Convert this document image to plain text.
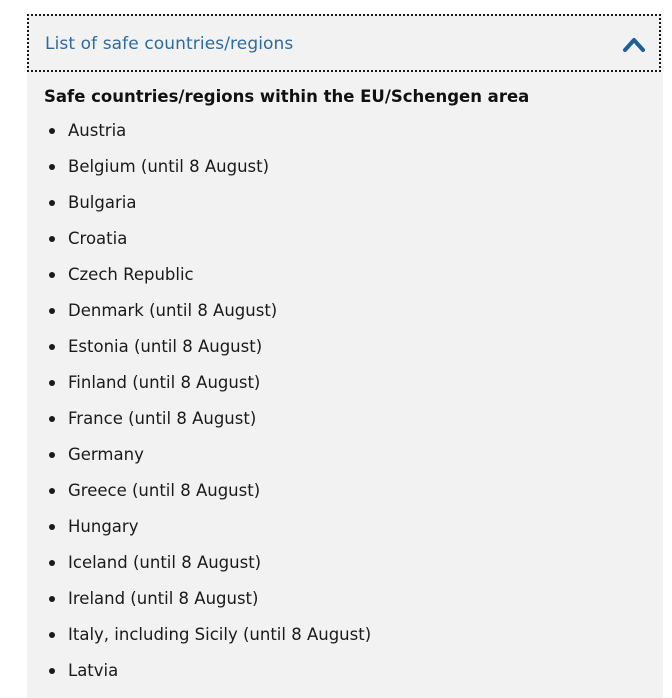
List of safe countries/regions
Safe countries/regions within the EU/Schengen area
Austria
Belgium (until 8 August)
Bulgaria
Croatia
Czech Republic
Denmark (until 8 August)
Estonia (until 8 August)
Finland (until 8 August)
France (until 8 August)
Germany
Greece (until 8 August)
Hungary
Iceland (until 8 August)
Ireland (until 8 August)
Italy, including Sicily (until 8 August)
Latvia
